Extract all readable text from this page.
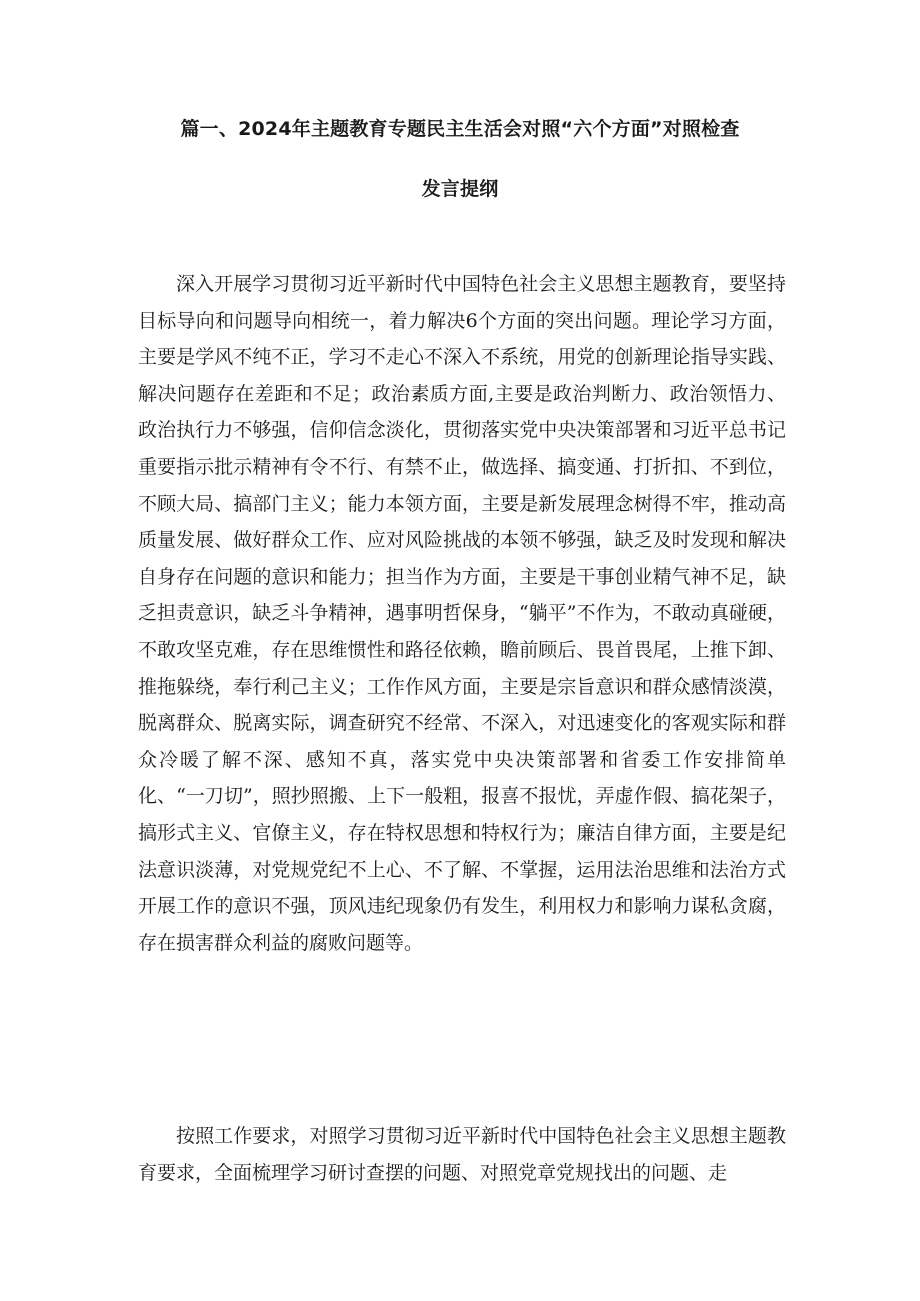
篇一、2024年主题教育专题民主生活会对照“六个方面”对照检查
发言提纲

深入开展学习贯彻习近平新时代中国特色社会主义思想主题教育，要坚持目标导向和问题导向相统一，着力解决6个方面的突出问题。理论学习方面，主要是学风不纯不正，学习不走心不深入不系统，用党的创新理论指导实践、解决问题存在差距和不足；政治素质方面,主要是政治判断力、政治领悟力、政治执行力不够强，信仰信念淡化，贯彻落实党中央决策部署和习近平总书记重要指示批示精神有令不行、有禁不止，做选择、搞变通、打折扣、不到位，不顾大局、搞部门主义；能力本领方面，主要是新发展理念树得不牢，推动高质量发展、做好群众工作、应对风险挑战的本领不够强，缺乏及时发现和解决自身存在问题的意识和能力；担当作为方面，主要是干事创业精气神不足，缺乏担责意识，缺乏斗争精神，遇事明哲保身，“躺平”不作为，不敢动真碰硬，不敢攻坚克难，存在思维惯性和路径依赖，瞻前顾后、畏首畏尾，上推下卸、推拖躲绕，奉行利己主义；工作作风方面，主要是宗旨意识和群众感情淡漠，脱离群众、脱离实际，调查研究不经常、不深入，对迅速变化的客观实际和群众冷暖了解不深、感知不真，落实党中央决策部署和省委工作安排简单化、“一刀切”，照抄照搬、上下一般粗，报喜不报忧，弄虚作假、搞花架子，搞形式主义、官僚主义，存在特权思想和特权行为；廉洁自律方面，主要是纪法意识淡薄，对党规党纪不上心、不了解、不掌握，运用法治思维和法治方式开展工作的意识不强，顶风违纪现象仍有发生，利用权力和影响力谋私贪腐，存在损害群众利益的腐败问题等。

按照工作要求，对照学习贯彻习近平新时代中国特色社会主义思想主题教育要求，全面梳理学习研讨查摆的问题、对照党章党规找出的问题、走
